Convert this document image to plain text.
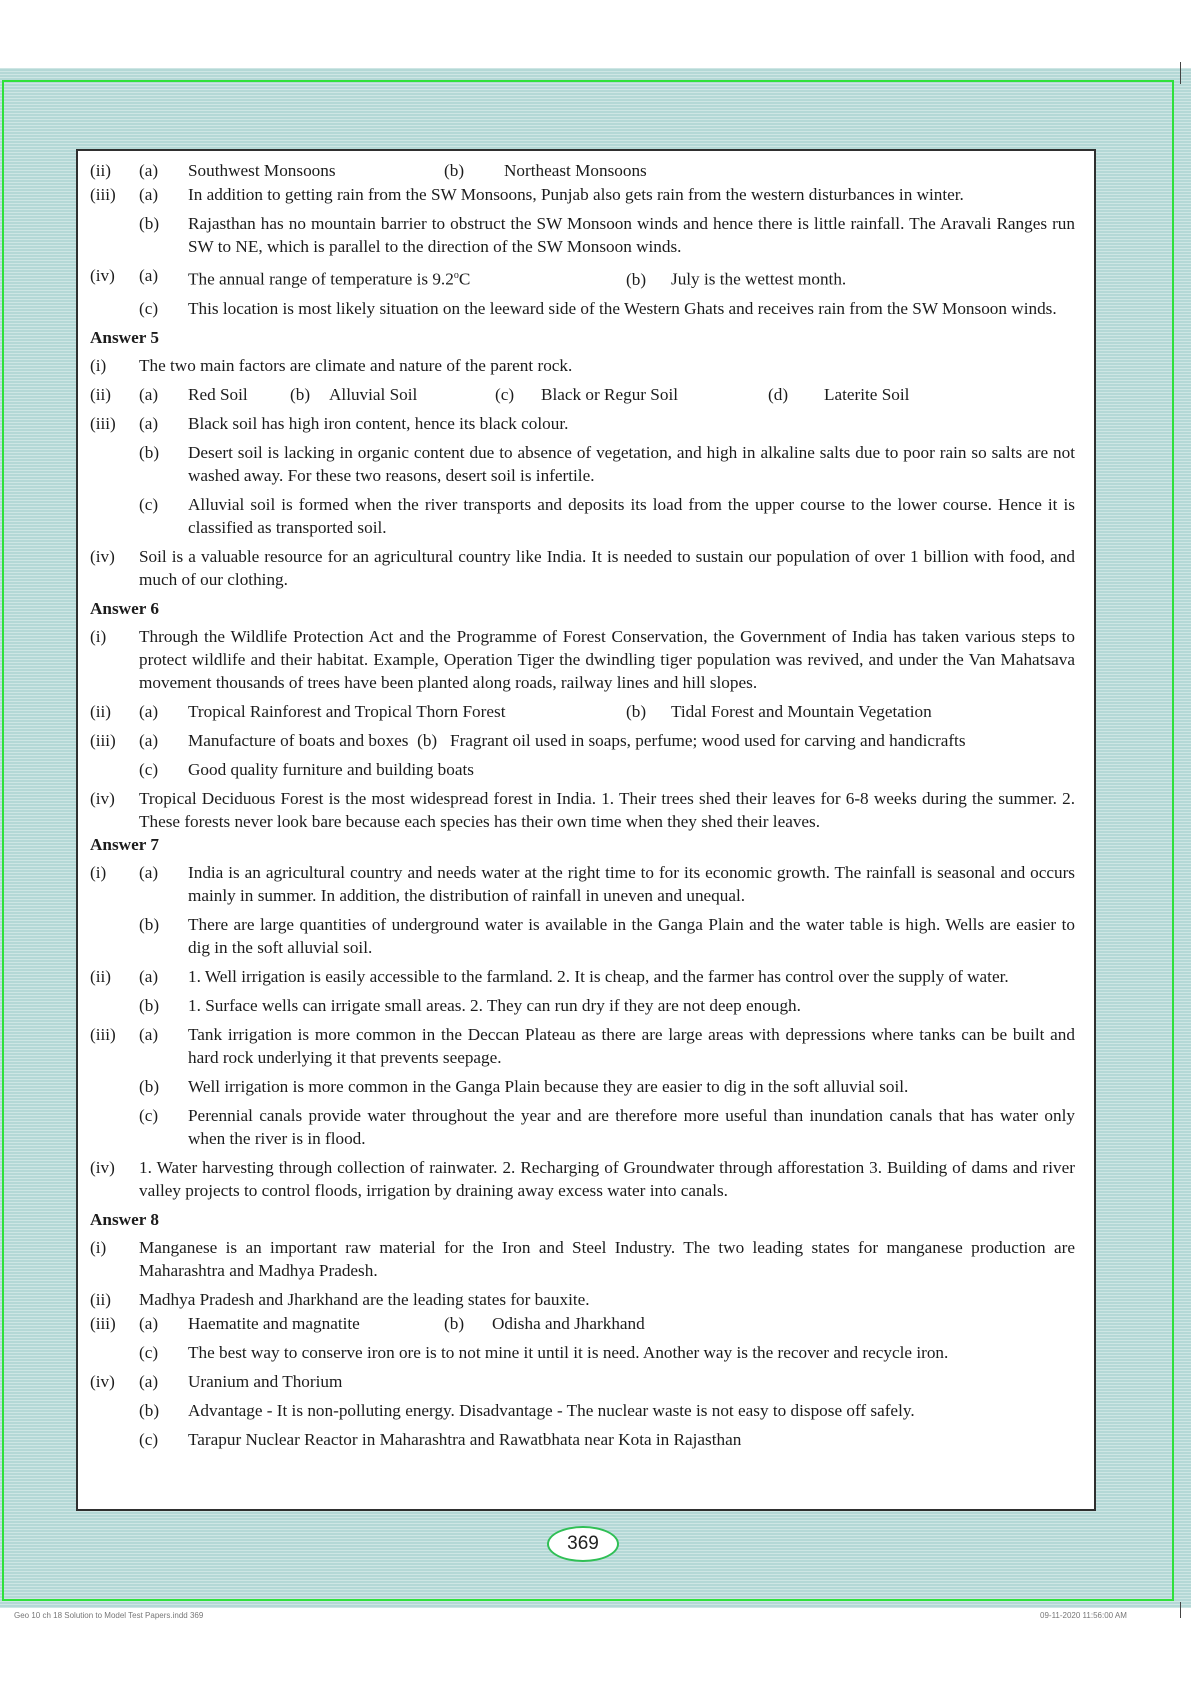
(ii)	(a)	Southwest Monsoons	(b) Northeast Monsoons
(iii)	(a)	In addition to getting rain from the SW Monsoons, Punjab also gets rain from the western disturbances in winter.
(b)	Rajasthan has no mountain barrier to obstruct the SW Monsoon winds and hence there is little rainfall. The Aravali Ranges run SW to NE, which is parallel to the direction of the SW Monsoon winds.
(iv)	(a)	The annual range of temperature is 9.2$^o$C	(b) July is the wettest month.
(c)	This location is most likely situation on the leeward side of the Western Ghats and receives rain from the SW Monsoon winds.
Answer 5
(i)	The two main factors are climate and nature of the parent rock.
(ii)	(a)	Red Soil (b) Alluvial Soil	(c) Black or Regur Soil	(d) Laterite Soil
(iii)	(a)	Black soil has high iron content, hence its black colour.
(b)	Desert soil is lacking in organic content due to absence of vegetation, and high in alkaline salts due to poor rain so salts are not washed away. For these two reasons, desert soil is infertile.
(c)	Alluvial soil is formed when the river transports and deposits its load from the upper course to the lower course. Hence it is classified as transported soil.
(iv)	Soil is a valuable resource for an agricultural country like India. It is needed to sustain our population of over 1 billion with food, and much of our clothing.
Answer 6
(i)	Through the Wildlife Protection Act and the Programme of Forest Conservation, the Government of India has taken various steps to protect wildlife and their habitat. Example, Operation Tiger the dwindling tiger population was revived, and under the Van Mahatsava movement thousands of trees have been planted along roads, railway lines and hill slopes.
(ii)	(a)	Tropical Rainforest and Tropical Thorn Forest	(b) Tidal Forest and Mountain Vegetation
(iii)	(a)	Manufacture of boats and boxes  (b)   Fragrant oil used in soaps, perfume; wood used for carving and handicrafts
(c)	Good quality furniture and building boats
(iv)	Tropical Deciduous Forest is the most widespread forest in India. 1. Their trees shed their leaves for 6-8 weeks during the summer. 2. These forests never look bare because each species has their own time when they shed their leaves.
Answer 7
(i)	(a)	India is an agricultural country and needs water at the right time to for its economic growth. The rainfall is seasonal and occurs mainly in summer. In addition, the distribution of rainfall in uneven and unequal.
(b)	There are large quantities of underground water is available in the Ganga Plain and the water table is high. Wells are easier to dig in the soft alluvial soil.
(ii)	(a)	1. Well irrigation is easily accessible to the farmland. 2. It is cheap, and the farmer has control over the supply of water.
(b)	1. Surface wells can irrigate small areas. 2. They can run dry if they are not deep enough.
(iii)	(a)	Tank irrigation is more common in the Deccan Plateau as there are large areas with depressions where tanks can be built and hard rock underlying it that prevents seepage.
(b)	Well irrigation is more common in the Ganga Plain because they are easier to dig in the soft alluvial soil.
(c)	Perennial canals provide water throughout the year and are therefore more useful than inundation canals that has water only when the river is in flood.
(iv)	1. Water harvesting through collection of rainwater. 2. Recharging of Groundwater through afforestation 3. Building of dams and river valley projects to control floods, irrigation by draining away excess water into canals.
Answer 8
(i)	Manganese is an important raw material for the Iron and Steel Industry. The two leading states for manganese production are Maharashtra and Madhya Pradesh.
(ii)	Madhya Pradesh and Jharkhand are the leading states for bauxite.
(iii)	(a)	Haematite and magnatite	(b) Odisha and Jharkhand
(c)	The best way to conserve iron ore is to not mine it until it is need. Another way is the recover and recycle iron.
(iv)	(a)	Uranium and Thorium
(b)	Advantage - It is non-polluting energy. Disadvantage - The nuclear waste is not easy to dispose off safely.
(c)	Tarapur Nuclear Reactor in Maharashtra and Rawatbhata near Kota in Rajasthan
369
Geo 10 ch 18 Solution to Model Test Papers.indd 369	09-11-2020 11:56:00 AM
